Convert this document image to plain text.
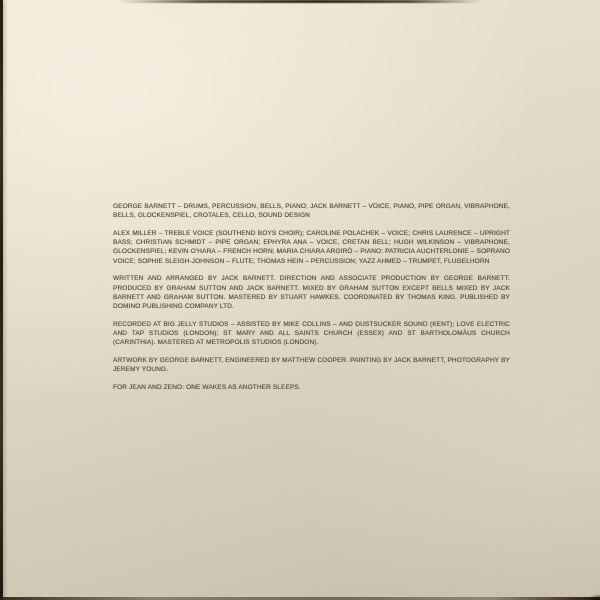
GEORGE BARNETT – DRUMS, PERCUSSION, BELLS, PIANO; JACK BARNETT – VOICE, PIANO, PIPE ORGAN, VIBRAPHONE, BELLS, GLOCKENSPIEL, CROTALES, CELLO, SOUND DESIGN

ALEX MILLER – TREBLE VOICE (SOUTHEND BOYS CHOIR); CAROLINE POLACHEK – VOICE; CHRIS LAURENCE – UPRIGHT BASS; CHRISTIAN SCHMIDT – PIPE ORGAN; EPHYRA ANA – VOICE, CRETAN BELL; HUGH WILKINSON – VIBRAPHONE, GLOCKENSPIEL; KEVIN O'HARA – FRENCH HORN; MARIA CHIARA ARGIRÒ – PIANO; PATRICIA AUCHTERLONIE – SOPRANO VOICE; SOPHIE SLEIGH-JOHNSON – FLUTE; THOMAS HEIN – PERCUSSION; YAZZ AHMED – TRUMPET, FLUGELHORN

WRITTEN AND ARRANGED BY JACK BARNETT. DIRECTION AND ASSOCIATE PRODUCTION BY GEORGE BARNETT. PRODUCED BY GRAHAM SUTTON AND JACK BARNETT. MIXED BY GRAHAM SUTTON EXCEPT BELLS MIXED BY JACK BARNETT AND GRAHAM SUTTON. MASTERED BY STUART HAWKES. COORDINATED BY THOMAS KING. PUBLISHED BY DOMINO PUBLISHING COMPANY LTD.

RECORDED AT BIG JELLY STUDIOS – ASSISTED BY MIKE COLLINS – AND DUSTSUCKER SOUND (KENT); LOVE ELECTRIC AND TAP STUDIOS (LONDON); ST MARY AND ALL SAINTS CHURCH (ESSEX) AND ST BARTHOLOMÄUS CHURCH (CARINTHIA). MASTERED AT METROPOLIS STUDIOS (LONDON).

ARTWORK BY GEORGE BARNETT, ENGINEERED BY MATTHEW COOPER. PAINTING BY JACK BARNETT, PHOTOGRAPHY BY JEREMY YOUNG.

FOR JEAN AND ZENO: ONE WAKES AS ANOTHER SLEEPS.
